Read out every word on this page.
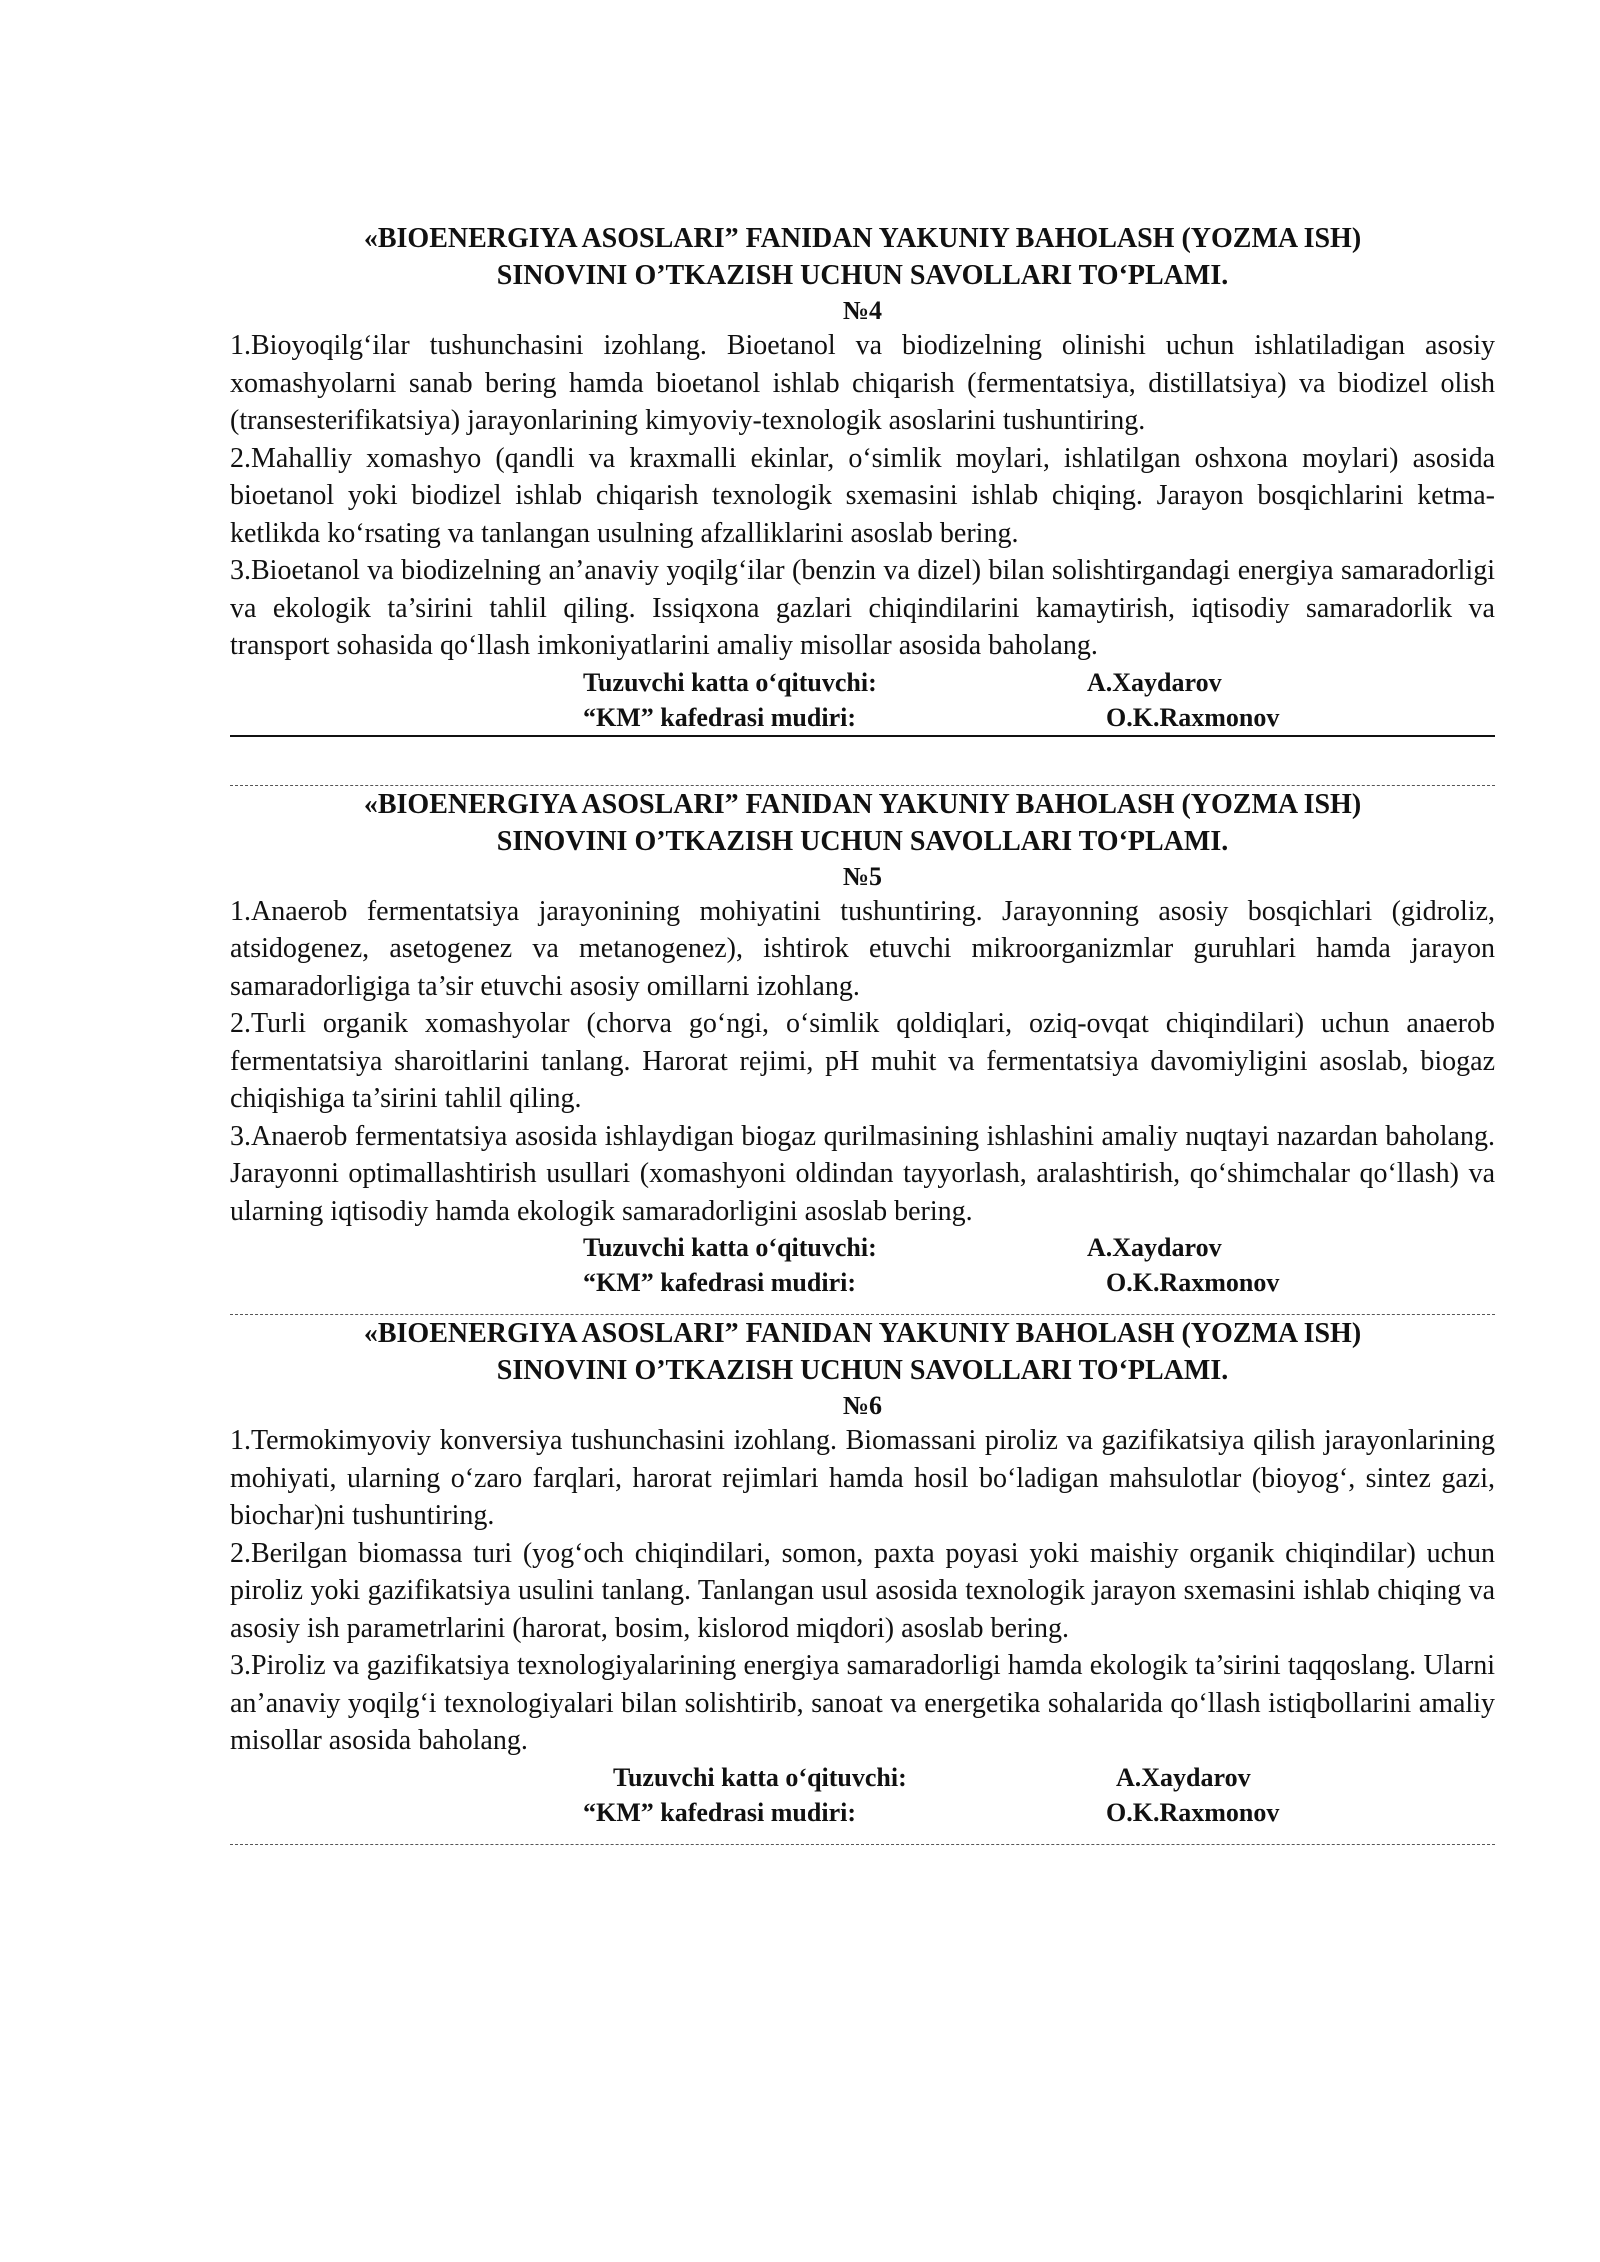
«BIOENERGIYA ASOSLARI” FANIDAN YAKUNIY BAHOLASH (YOZMA ISH)

SINOVINI O’TKAZISH UCHUN SAVOLLARI TO‘PLAMI.

№4

1.Bioyoqilg‘ilar tushunchasini izohlang. Bioetanol va biodizelning olinishi uchun ishlatiladigan asosiy xomashyolarni sanab bering hamda bioetanol ishlab chiqarish (fermentatsiya, distillatsiya) va biodizel olish (transesterifikatsiya) jarayonlarining kimyoviy-texnologik asoslarini tushuntiring.

2.Mahalliy xomashyo (qandli va kraxmalli ekinlar, o‘simlik moylari, ishlatilgan oshxona moylari) asosida bioetanol yoki biodizel ishlab chiqarish texnologik sxemasini ishlab chiqing. Jarayon bosqichlarini ketma-ketlikda ko‘rsating va tanlangan usulning afzalliklarini asoslab bering.

3.Bioetanol va biodizelning an’anaviy yoqilg‘ilar (benzin va dizel) bilan solishtirgandagi energiya samaradorligi va ekologik ta’sirini tahlil qiling. Issiqxona gazlari chiqindilarini kamaytirish, iqtisodiy samaradorlik va transport sohasida qo‘llash imkoniyatlarini amaliy misollar asosida baholang.

Tuzuvchi katta o‘qituvchi:	A.Xaydarov
“KM” kafedrasi mudiri:	O.K.Raxmonov

«BIOENERGIYA ASOSLARI” FANIDAN YAKUNIY BAHOLASH (YOZMA ISH)

SINOVINI O’TKAZISH UCHUN SAVOLLARI TO‘PLAMI.

№5

1.Anaerob fermentatsiya jarayonining mohiyatini tushuntiring. Jarayonning asosiy bosqichlari (gidroliz, atsidogenez, asetogenez va metanogenez), ishtirok etuvchi mikroorganizmlar guruhlari hamda jarayon samaradorligiga ta’sir etuvchi asosiy omillarni izohlang.

2.Turli organik xomashyolar (chorva go‘ngi, o‘simlik qoldiqlari, oziq-ovqat chiqindilari) uchun anaerob fermentatsiya sharoitlarini tanlang. Harorat rejimi, pH muhit va fermentatsiya davomiyligini asoslab, biogaz chiqishiga ta’sirini tahlil qiling.

3.Anaerob fermentatsiya asosida ishlaydigan biogaz qurilmasining ishlashini amaliy nuqtayi nazardan baholang. Jarayonni optimallashtirish usullari (xomashyoni oldindan tayyorlash, aralashtirish, qo‘shimchalar qo‘llash) va ularning iqtisodiy hamda ekologik samaradorligini asoslab bering.

Tuzuvchi katta o‘qituvchi:	A.Xaydarov
“KM” kafedrasi mudiri:	O.K.Raxmonov

«BIOENERGIYA ASOSLARI” FANIDAN YAKUNIY BAHOLASH (YOZMA ISH)

SINOVINI O’TKAZISH UCHUN SAVOLLARI TO‘PLAMI.

№6

1.Termokimyoviy konversiya tushunchasini izohlang. Biomassani piroliz va gazifikatsiya qilish jarayonlarining mohiyati, ularning o‘zaro farqlari, harorat rejimlari hamda hosil bo‘ladigan mahsulotlar (bioyog‘, sintez gazi, biochar)ni tushuntiring.

2.Berilgan biomassa turi (yog‘och chiqindilari, somon, paxta poyasi yoki maishiy organik chiqindilar) uchun piroliz yoki gazifikatsiya usulini tanlang. Tanlangan usul asosida texnologik jarayon sxemasini ishlab chiqing va asosiy ish parametrlarini (harorat, bosim, kislorod miqdori) asoslab bering.

3.Piroliz va gazifikatsiya texnologiyalarining energiya samaradorligi hamda ekologik ta’sirini taqqoslang. Ularni an’anaviy yoqilg‘i texnologiyalari bilan solishtirib, sanoat va energetika sohalarida qo‘llash istiqbollarini amaliy misollar asosida baholang.

Tuzuvchi katta o‘qituvchi:	A.Xaydarov
“KM” kafedrasi mudiri:	O.K.Raxmonov
